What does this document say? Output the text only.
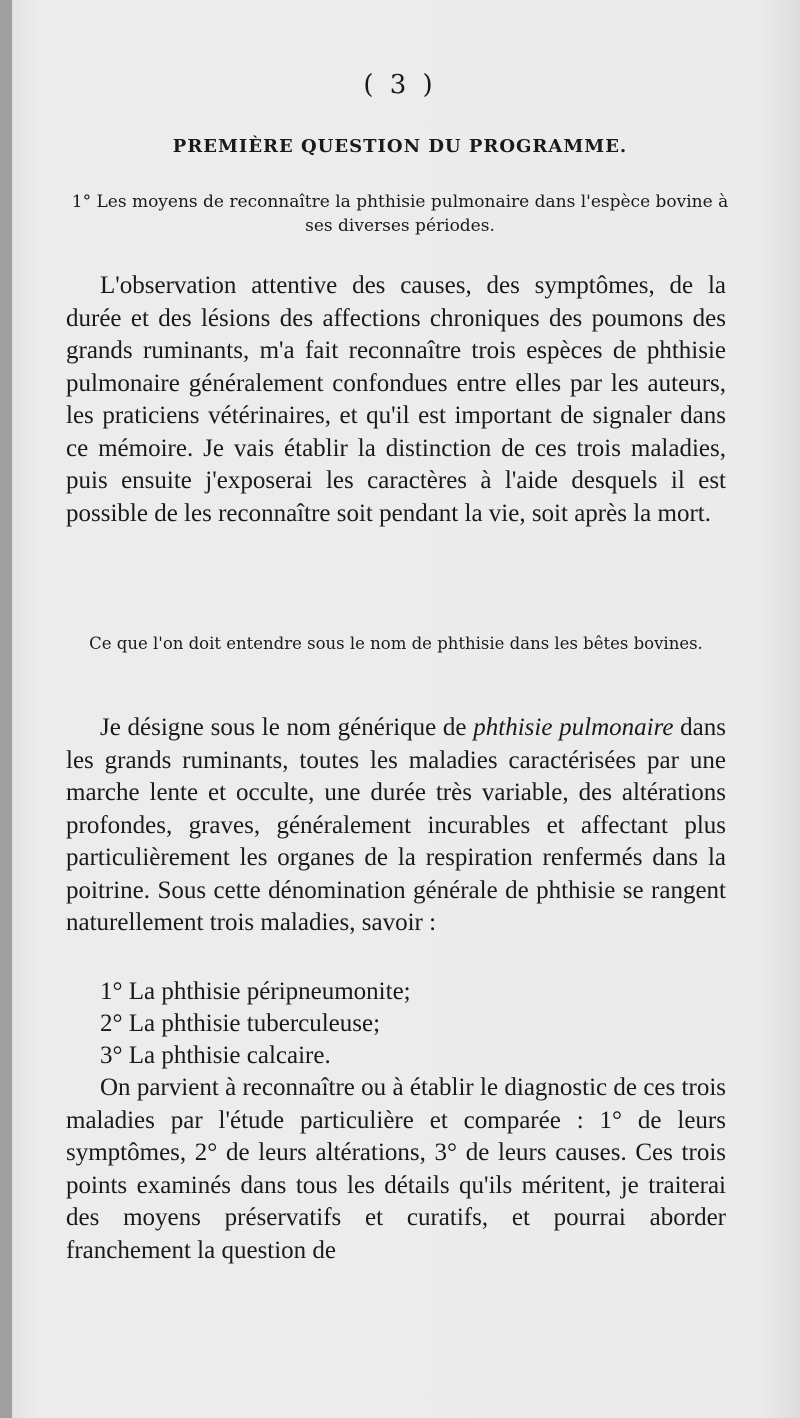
( 3 )
PREMIÈRE QUESTION DU PROGRAMME.
1° Les moyens de reconnaître la phthisie pulmonaire dans l'espèce bovine à ses diverses périodes.

L'observation attentive des causes, des symptômes, de la durée et des lésions des affections chroniques des poumons des grands ruminants, m'a fait reconnaître trois espèces de phthisie pulmonaire généralement confondues entre elles par les auteurs, les praticiens vétérinaires, et qu'il est important de signaler dans ce mémoire. Je vais établir la distinction de ces trois maladies, puis ensuite j'exposerai les caractères à l'aide desquels il est possible de les reconnaître soit pendant la vie, soit après la mort.

Ce que l'on doit entendre sous le nom de phthisie dans les bêtes bovines.

Je désigne sous le nom générique de phthisie pulmonaire dans les grands ruminants, toutes les maladies caractérisées par une marche lente et occulte, une durée très variable, des altérations profondes, graves, généralement incurables et affectant plus particulièrement les organes de la respiration renfermés dans la poitrine. Sous cette dénomination générale de phthisie se rangent naturellement trois maladies, savoir :

1° La phthisie péripneumonite;
2° La phthisie tuberculeuse;
3° La phthisie calcaire.

On parvient à reconnaître ou à établir le diagnostic de ces trois maladies par l'étude particulière et comparée : 1° de leurs symptômes, 2° de leurs altérations, 3° de leurs causes. Ces trois points examinés dans tous les détails qu'ils méritent, je traiterai des moyens préservatifs et curatifs, et pourrai aborder franchement la question de
